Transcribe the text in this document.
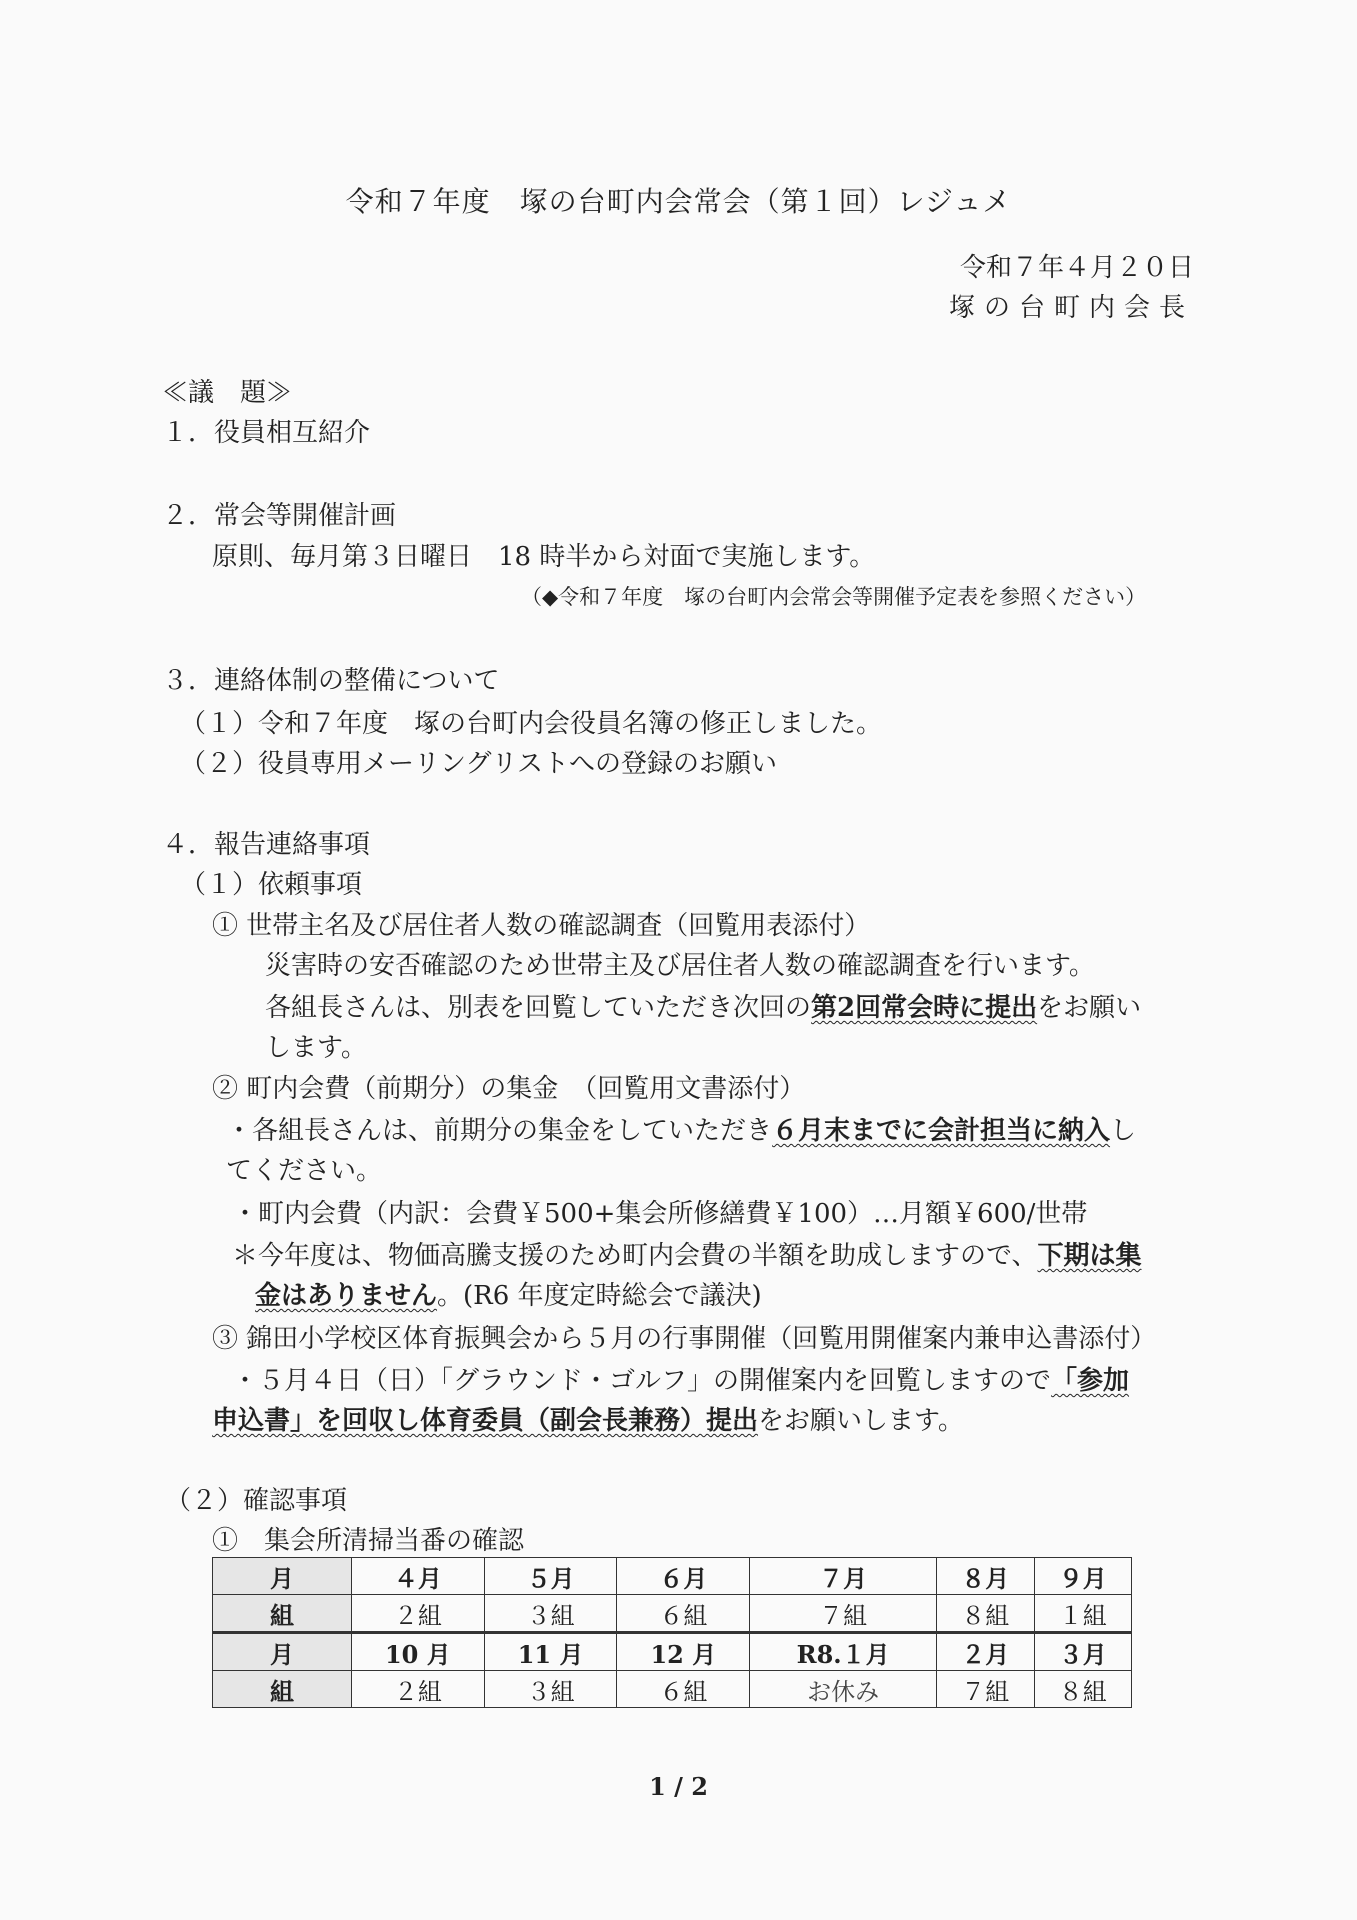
令和７年度　塚の台町内会常会（第１回）レジュメ
令和７年４月２０日
塚の台町内会長
≪議　題≫
１．役員相互紹介
２．常会等開催計画
原則、毎月第３日曜日　18 時半から対面で実施します。
（◆令和７年度　塚の台町内会常会等開催予定表を参照ください）
３．連絡体制の整備について
（１）令和７年度　塚の台町内会役員名簿の修正しました。
（２）役員専用メーリングリストへの登録のお願い
４．報告連絡事項
（１）依頼事項
① 世帯主名及び居住者人数の確認調査（回覧用表添付）
災害時の安否確認のため世帯主及び居住者人数の確認調査を行います。
各組長さんは、別表を回覧していただき次回の第2回常会時に提出をお願い
します。
② 町内会費（前期分）の集金　（回覧用文書添付）
・各組長さんは、前期分の集金をしていただき６月末までに会計担当に納入し
てください。
・町内会費（内訳：会費￥500+集会所修繕費￥100）…月額￥600/世帯
＊今年度は、物価高騰支援のため町内会費の半額を助成しますので、下期は集
金はありません。(R6 年度定時総会で議決)
③ 錦田小学校区体育振興会から５月の行事開催（回覧用開催案内兼申込書添付）
・５月４日（日）「グラウンド・ゴルフ」の開催案内を回覧しますので「参加
申込書」を回収し体育委員（副会長兼務）提出をお願いします。
（２）確認事項
①　集会所清掃当番の確認
月	４月	５月	６月	７月	８月	９月
組	２組	３組	６組	７組	８組	１組
月	10 月	11 月	12 月	R8.１月	２月	３月
組	２組	３組	６組	お休み	７組	８組
1 / 2
